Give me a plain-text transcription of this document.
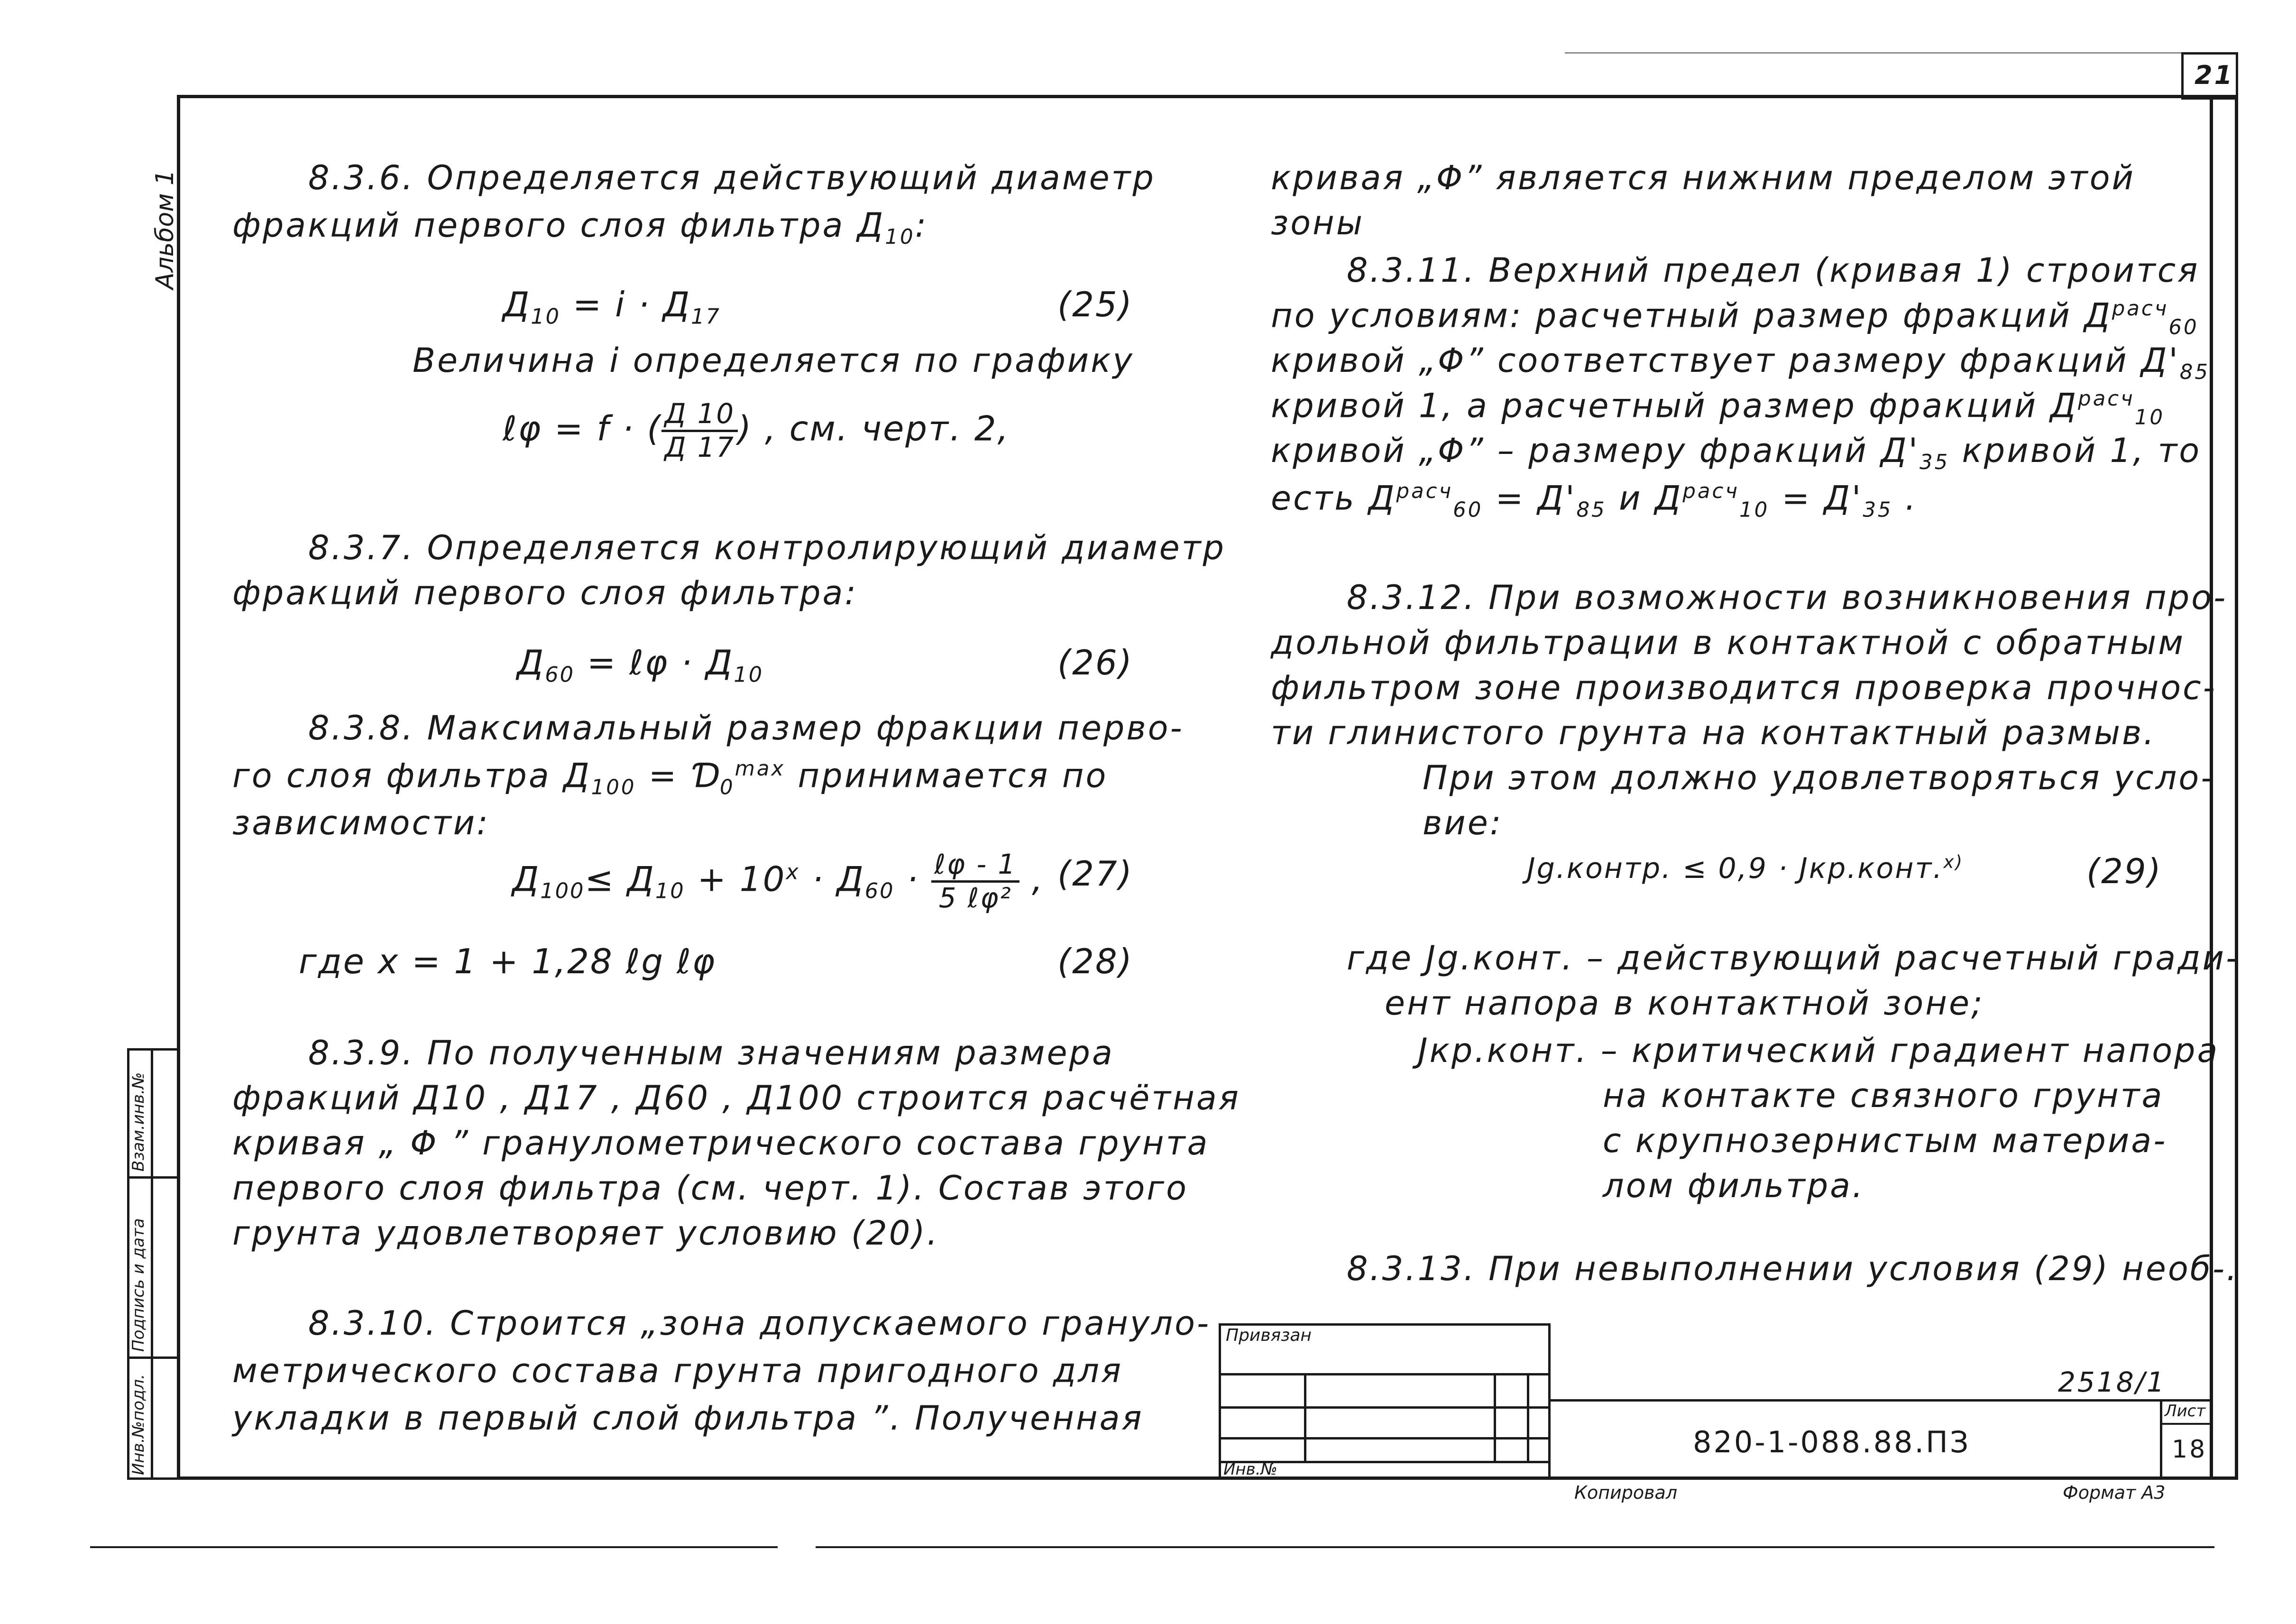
21
Альбом 1
Взам.инв.№
Подпись и дата
Инв.№подл.
8.3.6. Определяется действующий диаметр
фракций первого слоя фильтра $Д_{10}$:
$Д_{10} = i \cdot Д_{17}$	(25)
Величина i определяется по графику
ℓφ = f · ( Д 10
Д 17 ) , см. черт. 2,
8.3.7. Определяется контролирующий диаметр
фракций первого слоя фильтра:
$Д_{60}$ = ℓφ · $Д_{10}$	(26)
8.3.8. Максимальный размер фракции перво-
го слоя фильтра $Д_{100}$ = $Ɗ_0^{max}$ принимается по
зависимости:
$Д_{100}\le Д_{10} + 10^x \cdot Д_{60}$ · ℓφ - 1
5 ℓφ² , (27)
где x = 1 + 1,28 ℓg ℓφ	(28)
8.3.9. По полученным значениям размера
фракций Д10 , Д17 , Д60 , Д100 строится расчётная
кривая „ Φ ” гранулометрического состава грунта
первого слоя фильтра (см. черт. 1). Состав этого
грунта удовлетворяет условию (20).
8.3.10. Строится „зона допускаемого грануло-
метрического состава грунта пригодного для
укладки в первый слой фильтра ”. Полученная
кривая „Φ” является нижним пределом этой
зоны
8.3.11. Верхний предел (кривая 1) строится
по условиям: расчетный размер фракций $Д^{расч}_{60}$
кривой „Φ” соответствует размеру фракций $Д'_{85}$
кривой 1, а расчетный размер фракций $Д^{расч}_{10}$
кривой „Φ” – размеру фракций $Д'_{35}$ кривой 1, то
есть $Д^{расч}_{60} = Д'_{85}$ и $Д^{расч}_{10} = Д'_{35}$ .
8.3.12. При возможности возникновения про-
дольной фильтрации в контактной с обратным
фильтром зоне производится проверка прочнос-
ти глинистого грунта на контактный размыв.
При этом должно удовлетворяться усло-
вие:
Jg.контр. ≤ 0,9 · Jкр.конт.$^{x)}$	(29)
где Jg.конт. – действующий расчетный гради-
ент напора в контактной зоне;
Jкр.конт. – критический градиент напора
на контакте связного грунта
с крупнозернистым материа-
лом фильтра.
8.3.13. При невыполнении условия (29) необ-.
Привязан
Инв.№
2518/1
820-1-088.88.ПЗ
Лист
18
Копировал	Формат А3
